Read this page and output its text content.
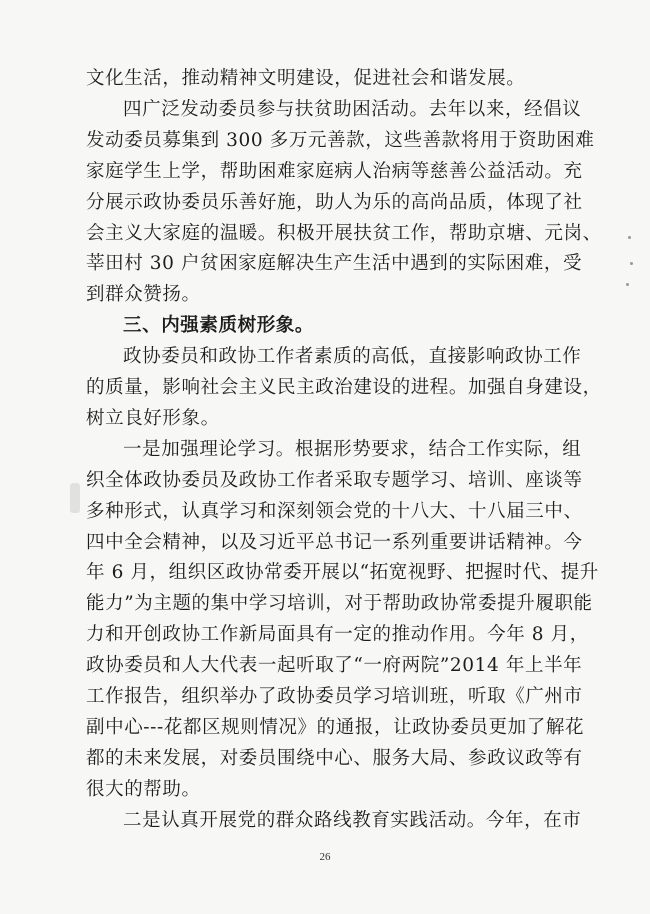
文化生活，推动精神文明建设，促进社会和谐发展。
四广泛发动委员参与扶贫助困活动。去年以来，经倡议
发动委员募集到 300 多万元善款，这些善款将用于资助困难
家庭学生上学，帮助困难家庭病人治病等慈善公益活动。充
分展示政协委员乐善好施，助人为乐的高尚品质，体现了社
会主义大家庭的温暖。积极开展扶贫工作，帮助京塘、元岗、
莘田村 30 户贫困家庭解决生产生活中遇到的实际困难，受
到群众赞扬。
三、内强素质树形象。
政协委员和政协工作者素质的高低，直接影响政协工作
的质量，影响社会主义民主政治建设的进程。加强自身建设，
树立良好形象。
一是加强理论学习。根据形势要求，结合工作实际，组
织全体政协委员及政协工作者采取专题学习、培训、座谈等
多种形式，认真学习和深刻领会党的十八大、十八届三中、
四中全会精神，以及习近平总书记一系列重要讲话精神。今
年 6 月，组织区政协常委开展以“拓宽视野、把握时代、提升
能力”为主题的集中学习培训，对于帮助政协常委提升履职能
力和开创政协工作新局面具有一定的推动作用。今年 8 月，
政协委员和人大代表一起听取了“一府两院”2014 年上半年
26
工作报告，组织举办了政协委员学习培训班，听取《广州市
副中心---花都区规则情况》的通报，让政协委员更加了解花
都的未来发展，对委员围绕中心、服务大局、参政议政等有
很大的帮助。
二是认真开展党的群众路线教育实践活动。今年，在市
